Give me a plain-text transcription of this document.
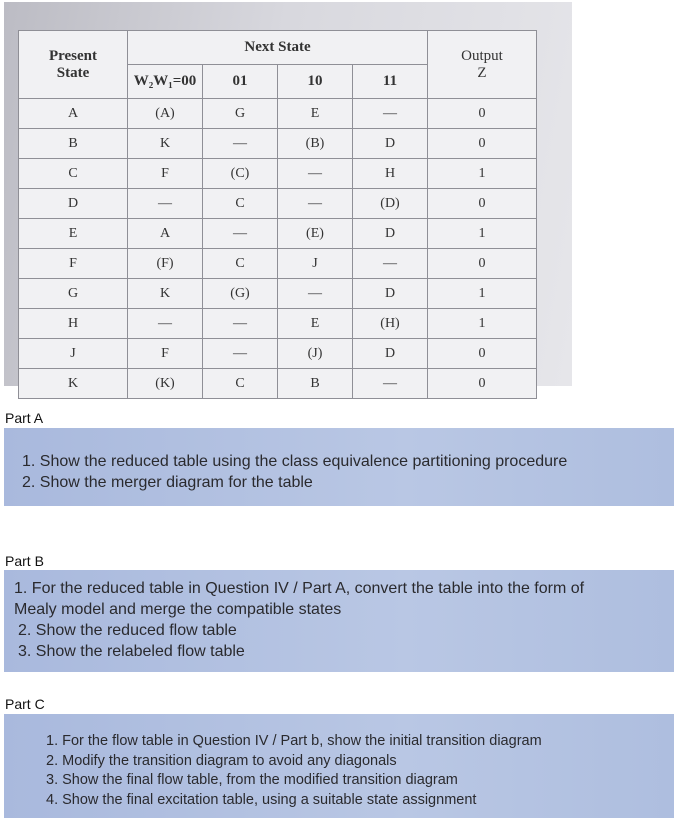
Present
State	Next State				Output
Z
	W₂W₁=00	01	10	11	
A	(A)	G	E	—	0
B	K	—	(B)	D	0
C	F	(C)	—	H	1
D	—	C	—	(D)	0
E	A	—	(E)	D	1
F	(F)	C	J	—	0
G	K	(G)	—	D	1
H	—	—	E	(H)	1
J	F	—	(J)	D	0
K	(K)	C	B	—	0
Part A

1. Show the reduced table using the class equivalence partitioning procedure

2. Show the merger diagram for the table

Part B

1. For the reduced table in Question IV / Part A, convert the table into the form of

Mealy model and merge the compatible states

2. Show the reduced flow table

3. Show the relabeled flow table

Part C

1. For the flow table in Question IV / Part b, show the initial transition diagram

2. Modify the transition diagram to avoid any diagonals

3. Show the final flow table, from the modified transition diagram

4. Show the final excitation table, using a suitable state assignment
